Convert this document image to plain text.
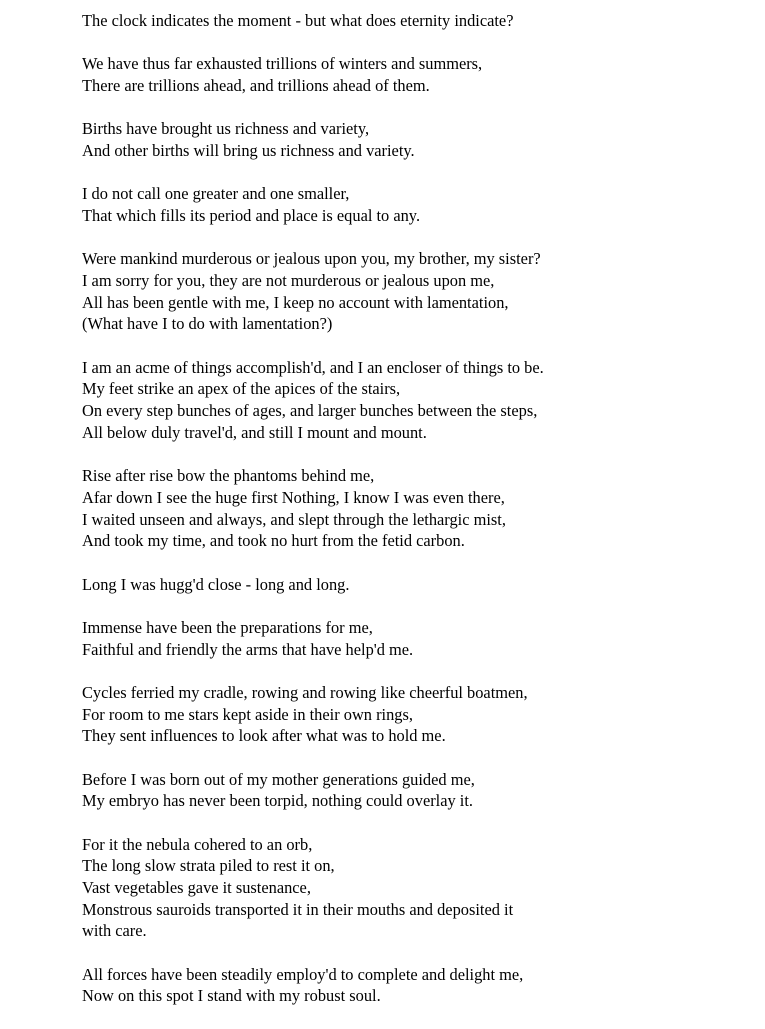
The clock indicates the moment - but what does eternity indicate?
We have thus far exhausted trillions of winters and summers,
There are trillions ahead, and trillions ahead of them.
Births have brought us richness and variety,
And other births will bring us richness and variety.
I do not call one greater and one smaller,
That which fills its period and place is equal to any.
Were mankind murderous or jealous upon you, my brother, my sister?
I am sorry for you, they are not murderous or jealous upon me,
All has been gentle with me, I keep no account with lamentation,
(What have I to do with lamentation?)
I am an acme of things accomplish'd, and I an encloser of things to be.
My feet strike an apex of the apices of the stairs,
On every step bunches of ages, and larger bunches between the steps,
All below duly travel'd, and still I mount and mount.
Rise after rise bow the phantoms behind me,
Afar down I see the huge first Nothing, I know I was even there,
I waited unseen and always, and slept through the lethargic mist,
And took my time, and took no hurt from the fetid carbon.
Long I was hugg'd close - long and long.
Immense have been the preparations for me,
Faithful and friendly the arms that have help'd me.
Cycles ferried my cradle, rowing and rowing like cheerful boatmen,
For room to me stars kept aside in their own rings,
They sent influences to look after what was to hold me.
Before I was born out of my mother generations guided me,
My embryo has never been torpid, nothing could overlay it.
For it the nebula cohered to an orb,
The long slow strata piled to rest it on,
Vast vegetables gave it sustenance,
Monstrous sauroids transported it in their mouths and deposited it
with care.
All forces have been steadily employ'd to complete and delight me,
Now on this spot I stand with my robust soul.
